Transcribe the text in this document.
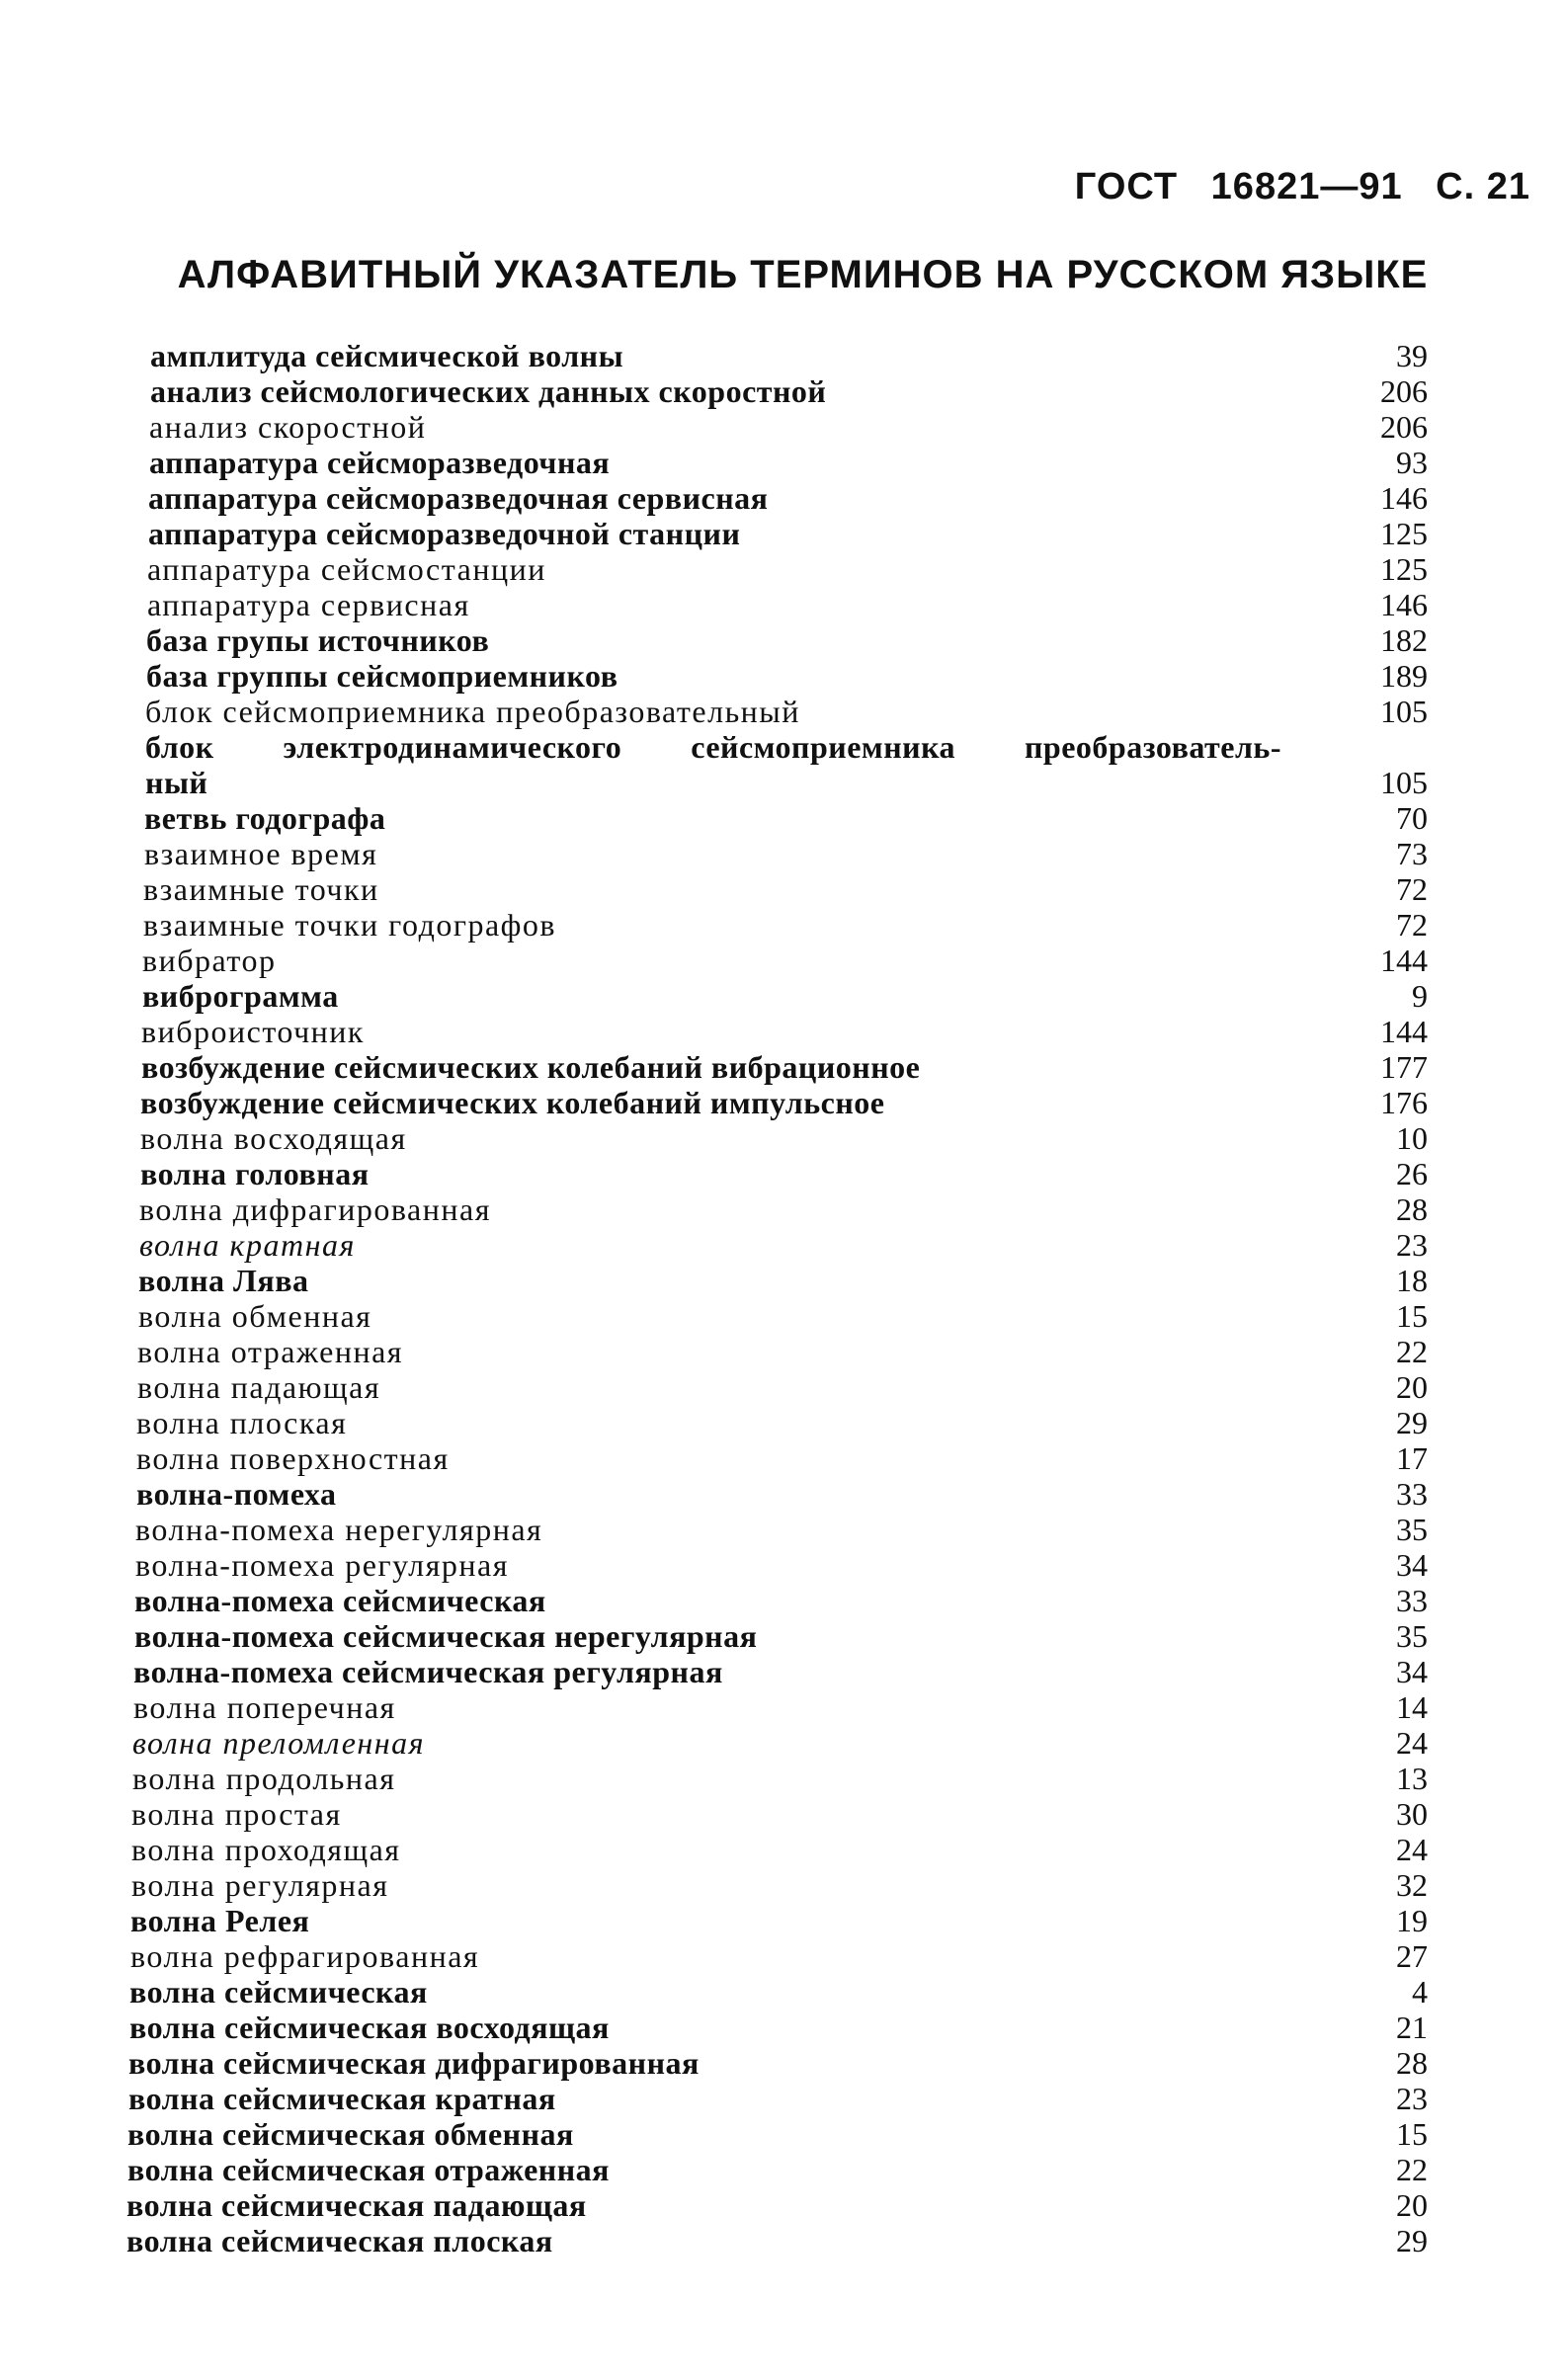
ГОСТ 16821—91 С. 21
АЛФАВИТНЫЙ УКАЗАТЕЛЬ ТЕРМИНОВ НА РУССКОМ ЯЗЫКЕ
амплитуда сейсмической волны	39
анализ сейсмологических данных скоростной	206
анализ скоростной	206
аппаратура сейсморазведочная	93
аппаратура сейсморазведочная сервисная	146
аппаратура сейсморазведочной станции	125
аппаратура сейсмостанции	125
аппаратура сервисная	146
база групы источников	182
база группы сейсмоприемников	189
блок сейсмоприемника преобразовательный	105
блок электродинамического сейсмоприемника преобразователь-
ный	105
ветвь годографа	70
взаимное время	73
взаимные точки	72
взаимные точки годографов	72
вибратор	144
виброграмма	9
виброисточник	144
возбуждение сейсмических колебаний вибрационное	177
возбуждение сейсмических колебаний импульсное	176
волна восходящая	10
волна головная	26
волна дифрагированная	28
волна кратная	23
волна Лява	18
волна обменная	15
волна отраженная	22
волна падающая	20
волна плоская	29
волна поверхностная	17
волна-помеха	33
волна-помеха нерегулярная	35
волна-помеха регулярная	34
волна-помеха сейсмическая	33
волна-помеха сейсмическая нерегулярная	35
волна-помеха сейсмическая регулярная	34
волна поперечная	14
волна преломленная	24
волна продольная	13
волна простая	30
волна проходящая	24
волна регулярная	32
волна Релея	19
волна рефрагированная	27
волна сейсмическая	4
волна сейсмическая восходящая	21
волна сейсмическая дифрагированная	28
волна сейсмическая кратная	23
волна сейсмическая обменная	15
волна сейсмическая отраженная	22
волна сейсмическая падающая	20
волна сейсмическая плоская	29
